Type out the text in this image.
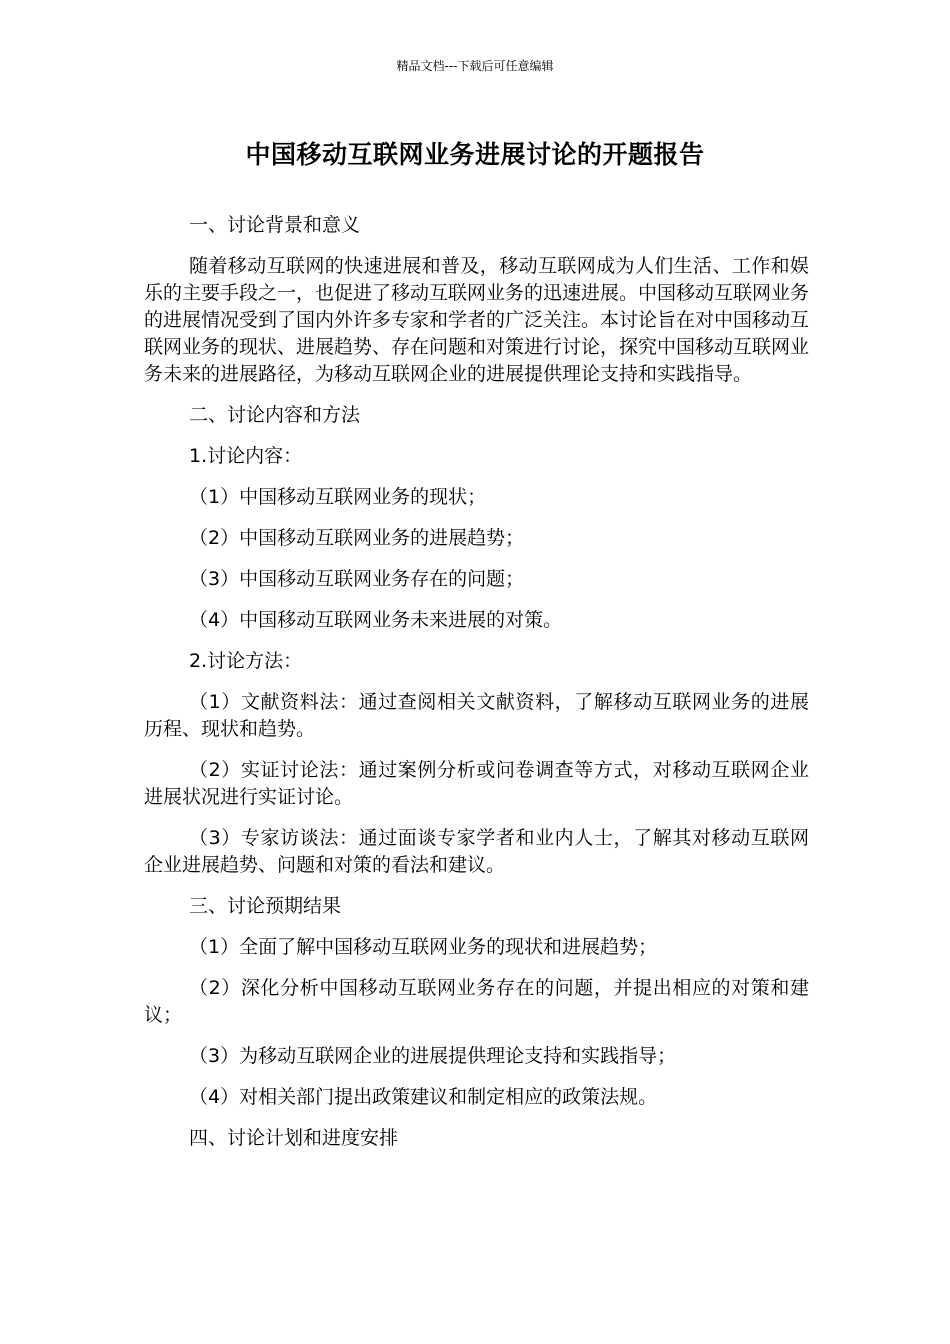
精品文档---下载后可任意编辑
中国移动互联网业务进展讨论的开题报告

一、讨论背景和意义

随着移动互联网的快速进展和普及，移动互联网成为人们生活、工作和娱乐的主要手段之一，也促进了移动互联网业务的迅速进展。中国移动互联网业务的进展情况受到了国内外许多专家和学者的广泛关注。本讨论旨在对中国移动互联网业务的现状、进展趋势、存在问题和对策进行讨论，探究中国移动互联网业务未来的进展路径，为移动互联网企业的进展提供理论支持和实践指导。

二、讨论内容和方法

1.讨论内容：

（1）中国移动互联网业务的现状；

（2）中国移动互联网业务的进展趋势；

（3）中国移动互联网业务存在的问题；

（4）中国移动互联网业务未来进展的对策。

2.讨论方法：

（1）文献资料法：通过查阅相关文献资料，了解移动互联网业务的进展历程、现状和趋势。

（2）实证讨论法：通过案例分析或问卷调查等方式，对移动互联网企业进展状况进行实证讨论。

（3）专家访谈法：通过面谈专家学者和业内人士，了解其对移动互联网企业进展趋势、问题和对策的看法和建议。

三、讨论预期结果

（1）全面了解中国移动互联网业务的现状和进展趋势；

（2）深化分析中国移动互联网业务存在的问题，并提出相应的对策和建议；

（3）为移动互联网企业的进展提供理论支持和实践指导；

（4）对相关部门提出政策建议和制定相应的政策法规。

四、讨论计划和进度安排
